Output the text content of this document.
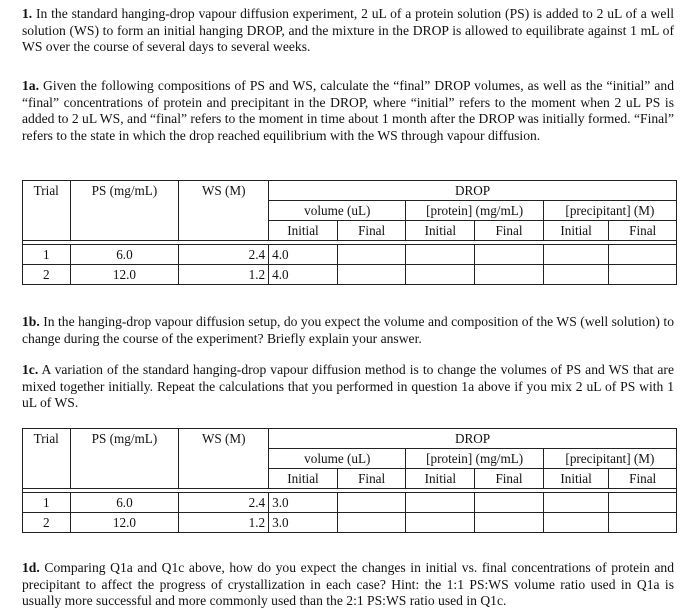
1. In the standard hanging-drop vapour diffusion experiment, 2 uL of a protein solution (PS) is added to 2 uL of a well solution (WS) to form an initial hanging DROP, and the mixture in the DROP is allowed to equilibrate against 1 mL of WS over the course of several days to several weeks.
1a. Given the following compositions of PS and WS, calculate the “final” DROP volumes, as well as the “initial” and “final” concentrations of protein and precipitant in the DROP, where “initial” refers to the moment when 2 uL PS is added to 2 uL WS, and “final” refers to the moment in time about 1 month after the DROP was initially formed. “Final” refers to the state in which the drop reached equilibrium with the WS through vapour diffusion.
Trial	PS (mg/mL)	WS (M)	DROP					
			volume (uL)		[protein] (mg/mL)		[precipitant] (M)	
			Initial	Final	Initial	Final	Initial	Final

1	6.0	2.4	4.0					
2	12.0	1.2	4.0					
1b. In the hanging-drop vapour diffusion setup, do you expect the volume and composition of the WS (well solution) to change during the course of the experiment? Briefly explain your answer.
1c. A variation of the standard hanging-drop vapour diffusion method is to change the volumes of PS and WS that are mixed together initially. Repeat the calculations that you performed in question 1a above if you mix 2 uL of PS with 1 uL of WS.
Trial	PS (mg/mL)	WS (M)	DROP					
			volume (uL)		[protein] (mg/mL)		[precipitant] (M)	
			Initial	Final	Initial	Final	Initial	Final

1	6.0	2.4	3.0					
2	12.0	1.2	3.0					
1d. Comparing Q1a and Q1c above, how do you expect the changes in initial vs. final concentrations of protein and precipitant to affect the progress of crystallization in each case? Hint: the 1:1 PS:WS volume ratio used in Q1a is usually more successful and more commonly used than the 2:1 PS:WS ratio used in Q1c.
